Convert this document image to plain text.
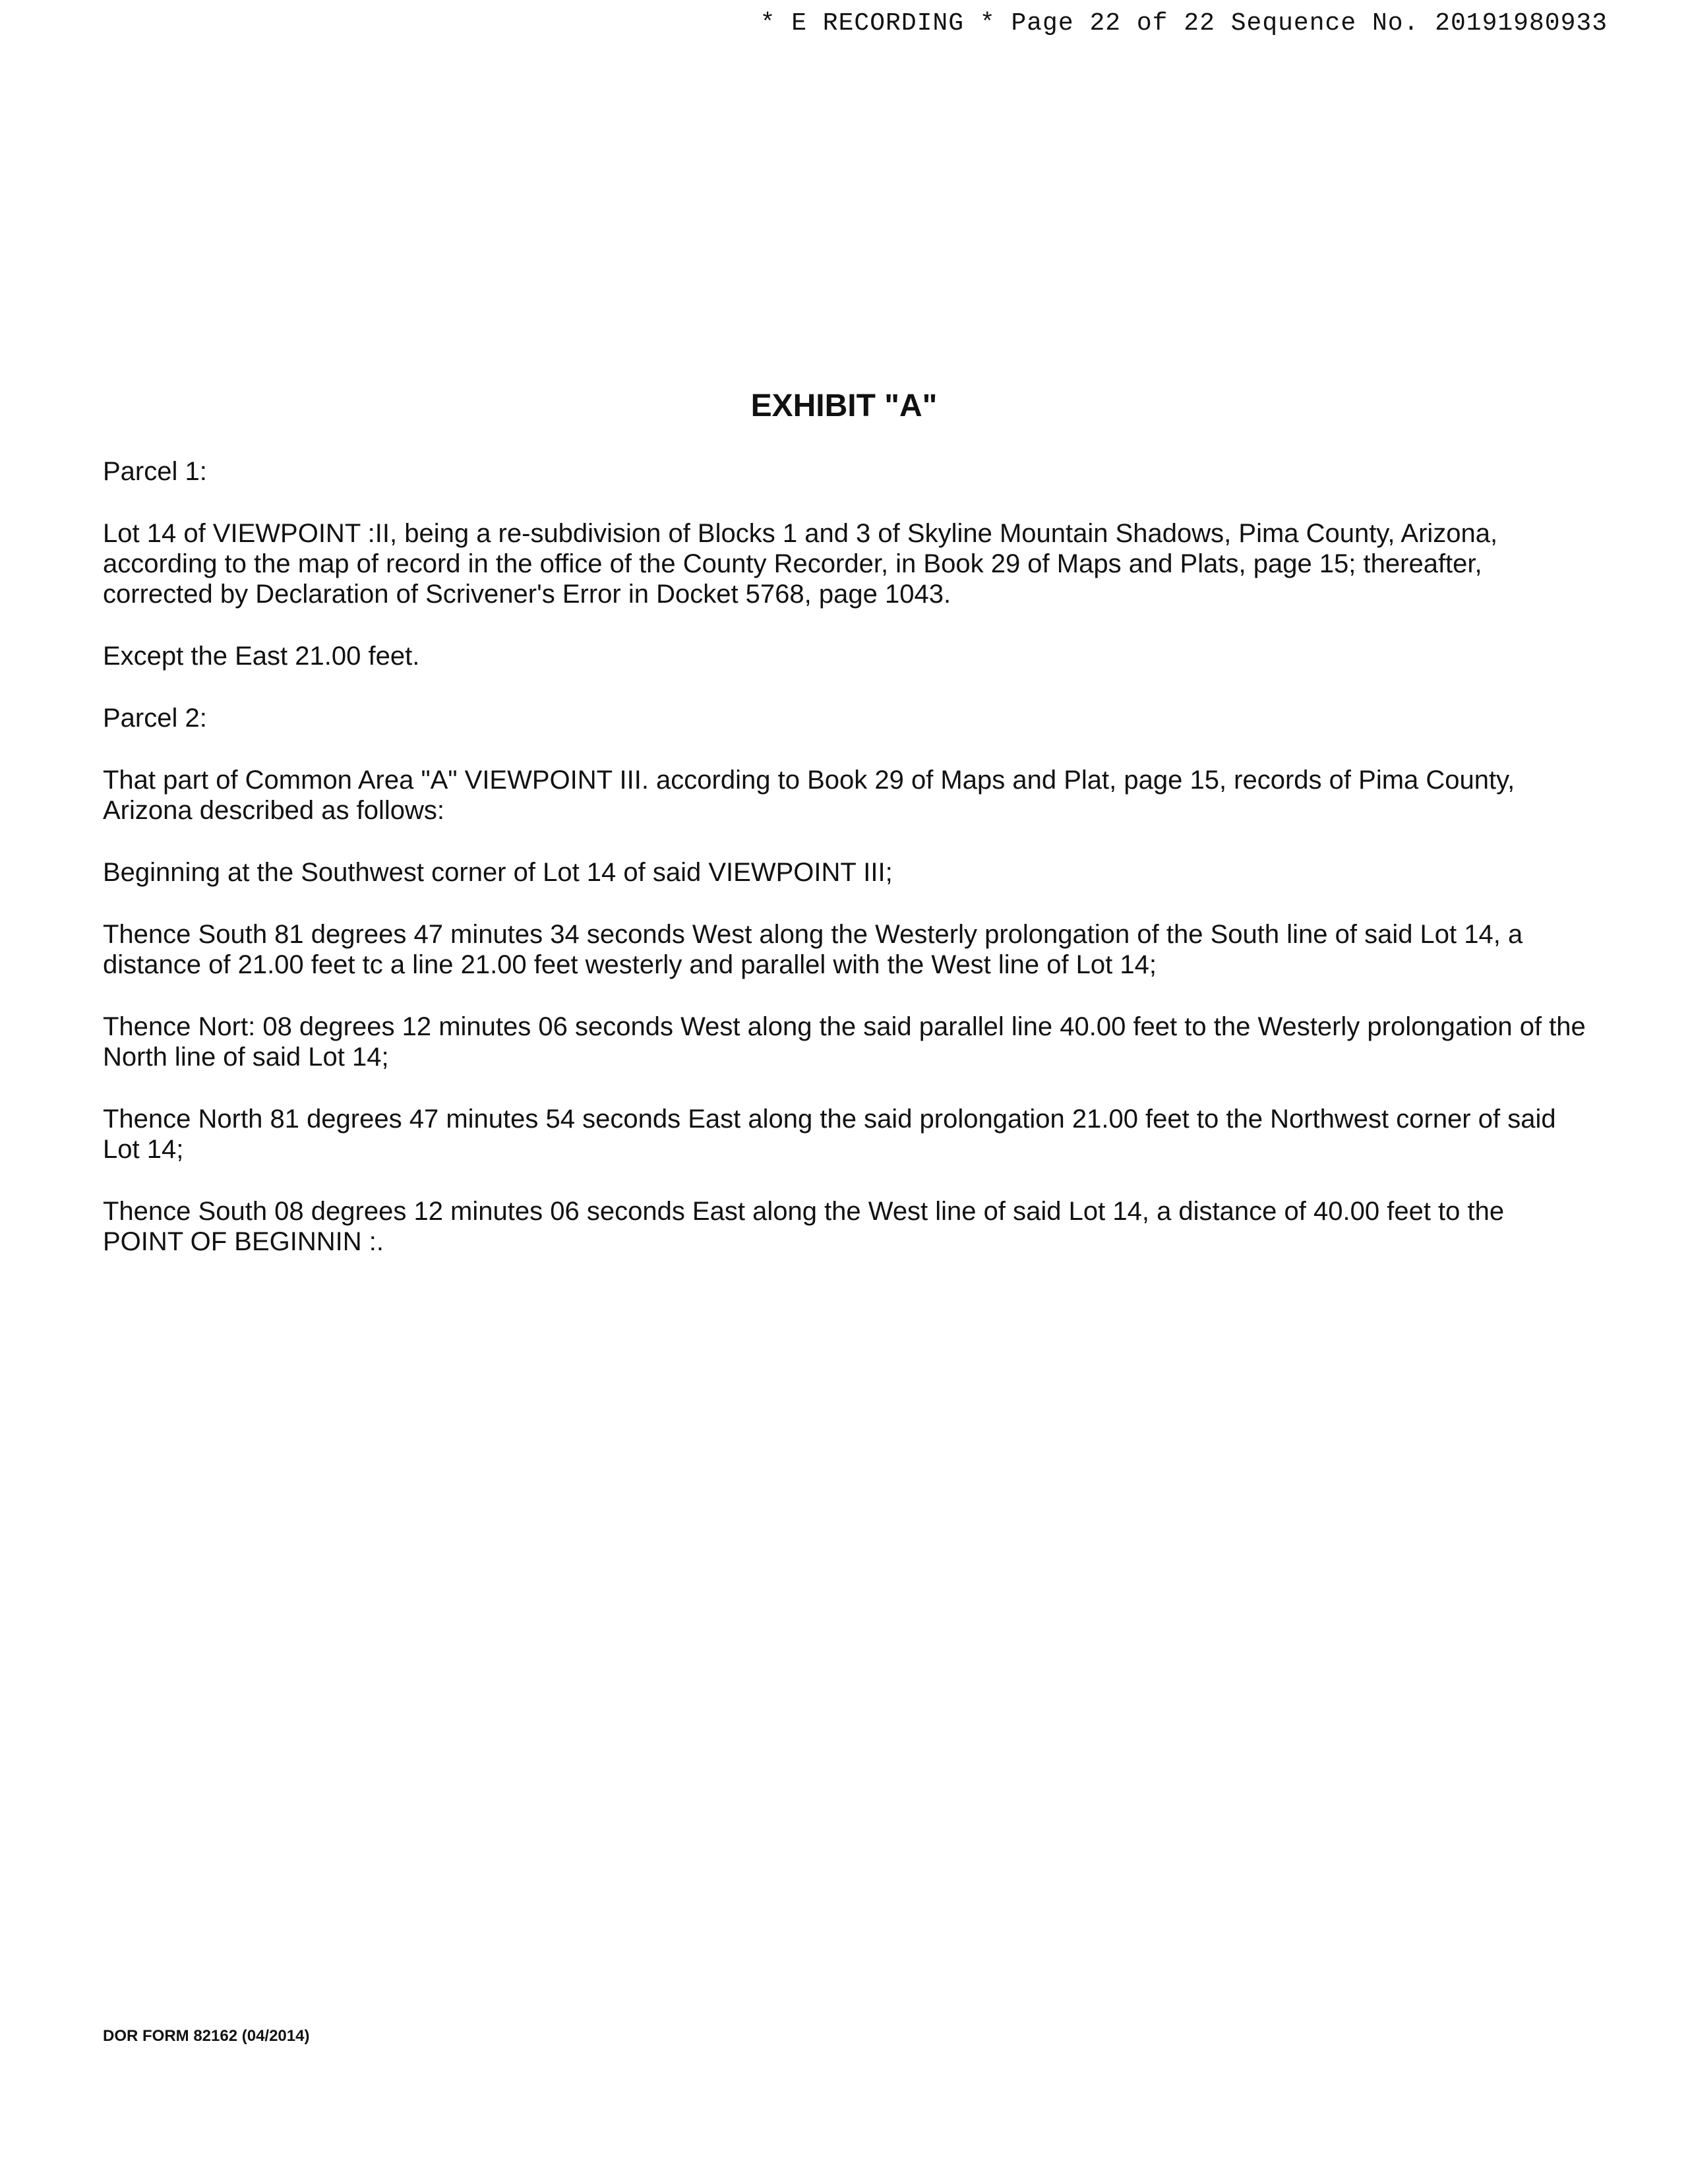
* E RECORDING * Page 22 of 22 Sequence No. 20191980933
EXHIBIT "A"

Parcel 1:

Lot 14 of VIEWPOINT :II, being a re-subdivision of Blocks 1 and 3 of Skyline Mountain Shadows, Pima County, Arizona, according to the map of record in the office of the County Recorder, in Book 29 of Maps and Plats, page 15; thereafter, corrected by Declaration of Scrivener's Error in Docket 5768, page 1043.

Except the East 21.00 feet.

Parcel 2:

That part of Common Area "A" VIEWPOINT III. according to Book 29 of Maps and Plat, page 15, records of Pima County, Arizona described as follows:

Beginning at the Southwest corner of Lot 14 of said VIEWPOINT III;

Thence South 81 degrees 47 minutes 34 seconds West along the Westerly prolongation of the South line of said Lot 14, a distance of 21.00 feet tc a line 21.00 feet westerly and parallel with the West line of Lot 14;

Thence Nort: 08 degrees 12 minutes 06 seconds West along the said parallel line 40.00 feet to the Westerly prolongation of the North line of said Lot 14;

Thence North 81 degrees 47 minutes 54 seconds East along the said prolongation 21.00 feet to the Northwest corner of said Lot 14;

Thence South 08 degrees 12 minutes 06 seconds East along the West line of said Lot 14, a distance of 40.00 feet to the POINT OF BEGINNIN :.

DOR FORM 82162 (04/2014)
